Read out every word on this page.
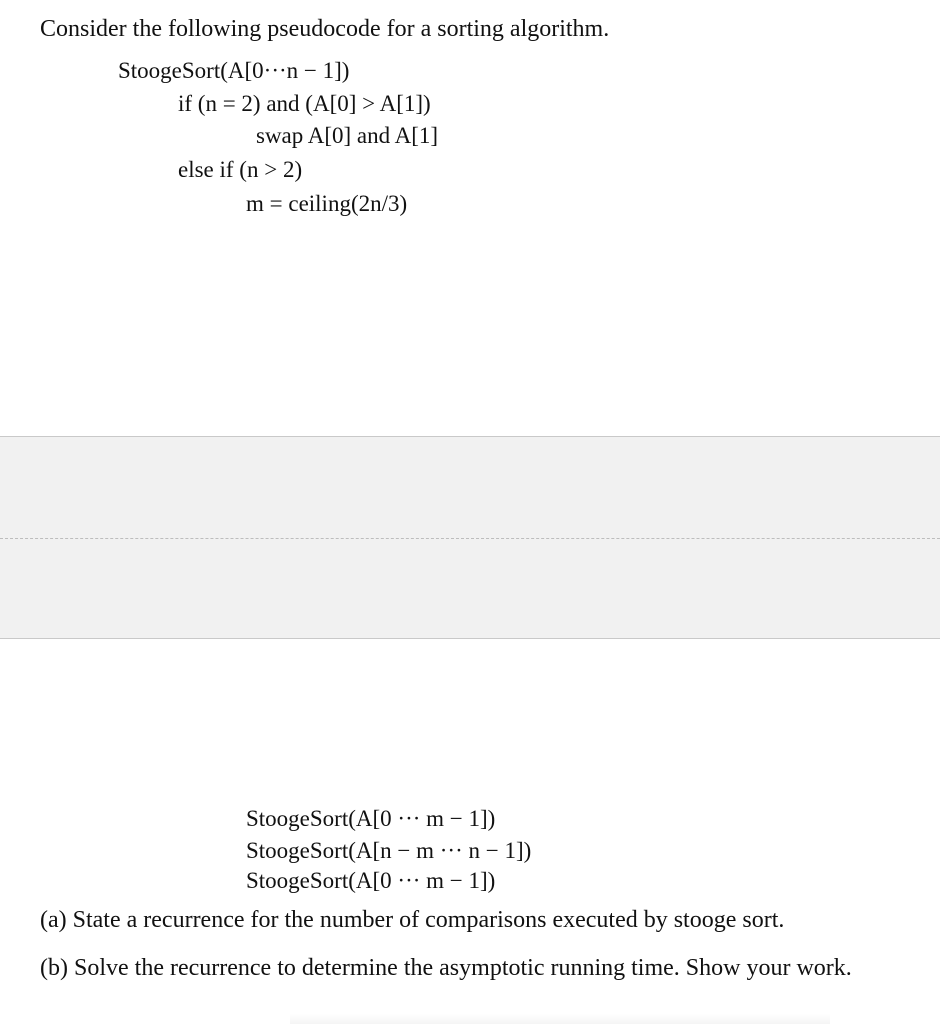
Consider the following pseudocode for a sorting algorithm.
StoogeSort(A[0···n − 1])
if (n = 2) and (A[0] > A[1])
swap A[0] and A[1]
else if (n > 2)
m = ceiling(2n/3)
StoogeSort(A[0 ··· m − 1])
StoogeSort(A[n − m ··· n − 1])
StoogeSort(A[0 ··· m − 1])
(a) State a recurrence for the number of comparisons executed by stooge sort.
(b) Solve the recurrence to determine the asymptotic running time. Show your work.
